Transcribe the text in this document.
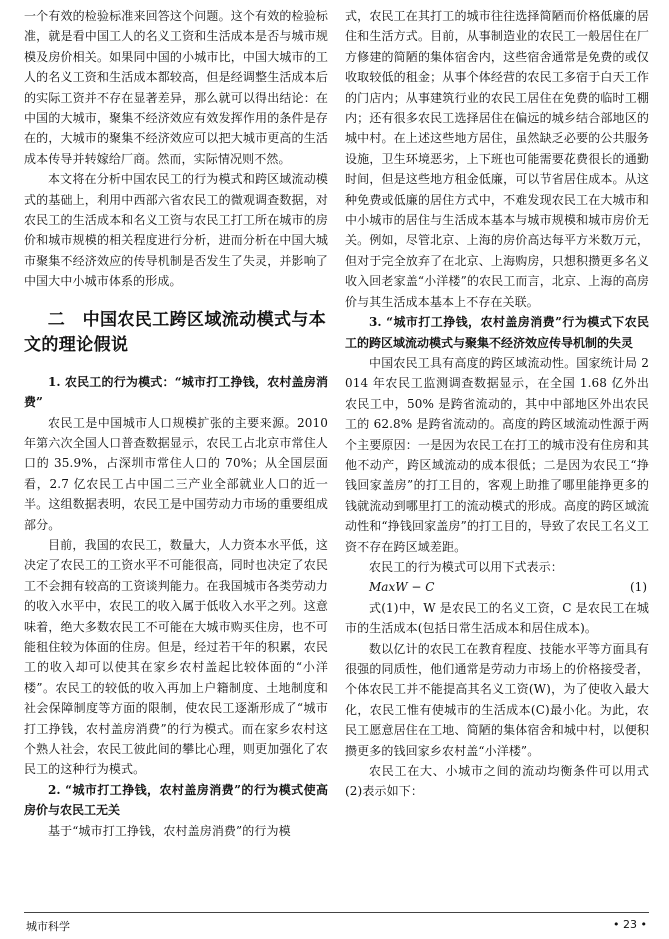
一个有效的检验标准来回答这个问题。这个有效的检验标准，就是看中国工人的名义工资和生活成本是否与城市规模及房价相关。如果同中国的小城市比，中国大城市的工人的名义工资和生活成本都较高，但是经调整生活成本后的实际工资并不存在显著差异，那么就可以得出结论：在中国的大城市，聚集不经济效应有效发挥作用的条件是存在的，大城市的聚集不经济效应可以把大城市更高的生活成本传导并转嫁给厂商。然而，实际情况则不然。

本文将在分析中国农民工的行为模式和跨区域流动模式的基础上，利用中西部六省农民工的微观调查数据，对农民工的生活成本和名义工资与农民工打工所在城市的房价和城市规模的相关程度进行分析，进而分析在中国大城市聚集不经济效应的传导机制是否发生了失灵，并影响了中国大中小城市体系的形成。

二　中国农民工跨区域流动模式与本文的理论假说
1. 农民工的行为模式：“城市打工挣钱，农村盖房消费”

农民工是中国城市人口规模扩张的主要来源。2010 年第六次全国人口普查数据显示，农民工占北京市常住人口的 35.9%，占深圳市常住人口的 70%；从全国层面看，2.7 亿农民工占中国二三产业全部就业人口的近一半。这组数据表明，农民工是中国劳动力市场的重要组成部分。

目前，我国的农民工，数量大，人力资本水平低，这决定了农民工的工资水平不可能很高，同时也决定了农民工不会拥有较高的工资谈判能力。在我国城市各类劳动力的收入水平中，农民工的收入属于低收入水平之列。这意味着，绝大多数农民工不可能在大城市购买住房，也不可能租住较为体面的住房。但是，经过若干年的积累，农民工的收入却可以使其在家乡农村盖起比较体面的“小洋楼”。农民工的较低的收入再加上户籍制度、土地制度和社会保障制度等方面的限制，使农民工逐渐形成了“城市打工挣钱，农村盖房消费”的行为模式。而在家乡农村这个熟人社会，农民工彼此间的攀比心理，则更加强化了农民工的这种行为模式。

2. “城市打工挣钱，农村盖房消费”的行为模式使高房价与农民工无关

基于“城市打工挣钱，农村盖房消费”的行为模

式，农民工在其打工的城市往往选择简陋而价格低廉的居住和生活方式。目前，从事制造业的农民工一般居住在厂方修建的简陋的集体宿舍内，这些宿舍通常是免费的或仅收取较低的租金；从事个体经营的农民工多宿于白天工作的门店内；从事建筑行业的农民工居住在免费的临时工棚内；还有很多农民工选择居住在偏远的城乡结合部地区的城中村。在上述这些地方居住，虽然缺乏必要的公共服务设施，卫生环境恶劣，上下班也可能需要花费很长的通勤时间，但是这些地方租金低廉，可以节省居住成本。从这种免费或低廉的居住方式中，不难发现农民工在大城市和中小城市的居住与生活成本基本与城市规模和城市房价无关。例如，尽管北京、上海的房价高达每平方米数万元，但对于完全放弃了在北京、上海购房，只想积攒更多名义收入回老家盖“小洋楼”的农民工而言，北京、上海的高房价与其生活成本基本上不存在关联。

3. “城市打工挣钱，农村盖房消费”行为模式下农民工的跨区域流动模式与聚集不经济效应传导机制的失灵

中国农民工具有高度的跨区域流动性。国家统计局 2014 年农民工监测调查数据显示，在全国 1.68 亿外出农民工中，50% 是跨省流动的，其中中部地区外出农民工的 62.8% 是跨省流动的。高度的跨区域流动性源于两个主要原因：一是因为农民工在打工的城市没有住房和其他不动产，跨区域流动的成本很低；二是因为农民工“挣钱回家盖房”的打工目的，客观上助推了哪里能挣更多的钱就流动到哪里打工的流动模式的形成。高度的跨区域流动性和“挣钱回家盖房”的打工目的，导致了农民工名义工资不存在跨区域差距。

农民工的行为模式可以用下式表示：

MaxW − C	(1)

式(1)中，W 是农民工的名义工资，C 是农民工在城市的生活成本(包括日常生活成本和居住成本)。

数以亿计的农民工在教育程度、技能水平等方面具有很强的同质性，他们通常是劳动力市场上的价格接受者，个体农民工并不能提高其名义工资(W)，为了使收入最大化，农民工惟有使城市的生活成本(C)最小化。为此，农民工愿意居住在工地、简陋的集体宿舍和城中村，以便积攒更多的钱回家乡农村盖“小洋楼”。

农民工在大、小城市之间的流动均衡条件可以用式(2)表示如下：

城市科学	• 23 •
